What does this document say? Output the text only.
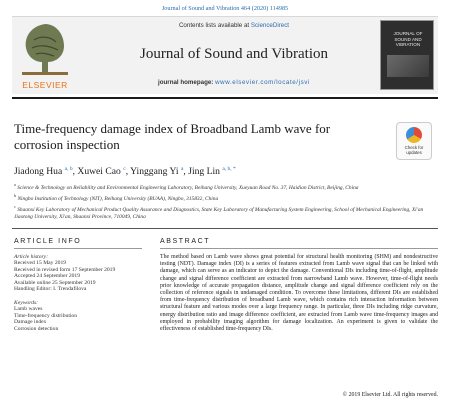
Journal of Sound and Vibration 464 (2020) 114985
ELSEVIER
Contents lists available at ScienceDirect
Journal of Sound and Vibration
journal homepage: www.elsevier.com/locate/jsvi
JOURNAL OF SOUND AND VIBRATION
Time-frequency damage index of Broadband Lamb wave for corrosion inspection	Check for
updates
Jiadong Hua $^{a, b}$, Xuwei Cao $^c$, Yinggang Yi $^a$, Jing Lin $^{a, b, *}$
$^a$ Science & Technology on Reliability and Environmental Engineering Laboratory, Beihang University, Xueyuan Road No. 37, Haidian District, Beijing, China
$^b$ Ningbo Institution of Technology (NIT), Beihang University (BUAA), Ningbo, 315832, China
$^c$ Shaanxi Key Laboratory of Mechanical Product Quality Assurance and Diagnostics, State Key Laboratory of Manufacturing System Engineering, School of Mechanical Engineering, Xi'an Jiaotong University, Xi'an, Shaanxi Province, 710049, China
ARTICLE INFO
Article history:
Received 15 May 2019
Received in revised form 17 September 2019
Accepted 24 September 2019
Available online 25 September 2019
Handling Editor: I. Trendafilova
Keywords:
Lamb waves
Time-frequency distribution
Damage index
Corrosion detection
ABSTRACT
The method based on Lamb wave shows great potential for structural health monitoring (SHM) and nondestructive testing (NDT). Damage index (DI) is a series of features extracted from Lamb wave signal that can be linked with damage, which can serve as an indicator to depict the damage. Conventional DIs including time-of-flight, amplitude change and signal difference coefficient are extracted from narrowband Lamb wave. However, time-of-flight needs prior knowledge of accurate propagation distance, amplitude change and signal difference coefficient rely on the collection of reference signals in undamaged condition. To overcome these limitations, different DIs are established from time-frequency distribution of broadband Lamb wave, which contains rich interaction information between structural feature and various modes over a large frequency range. In particular, three DIs including ridge curvature, energy distribution ratio and image difference coefficient, are extracted from Lamb wave time-frequency images and employed in probability imaging algorithm for damage localization. An experiment is given to validate the effectiveness of established time-frequency DIs.
© 2019 Elsevier Ltd. All rights reserved.
